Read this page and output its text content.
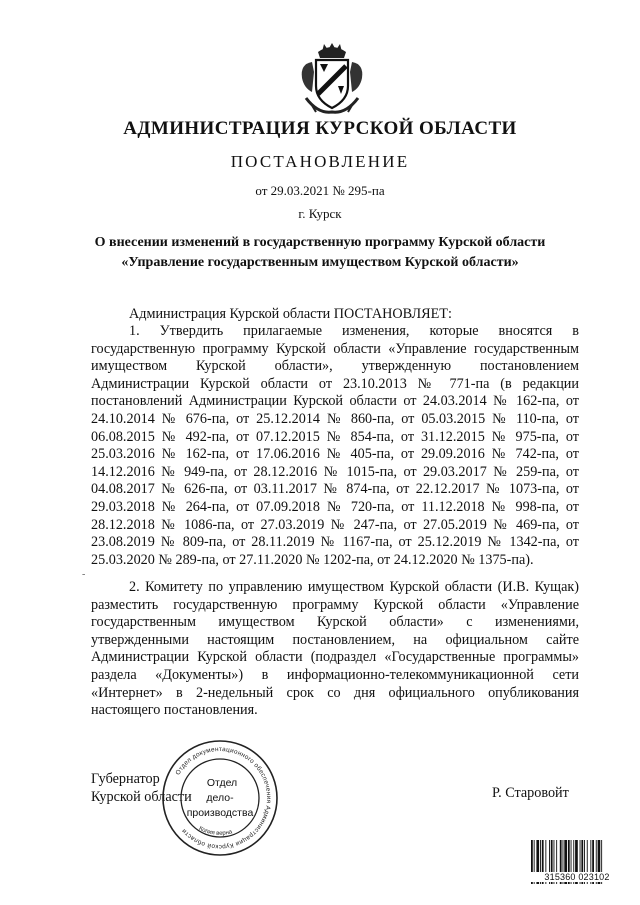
АДМИНИСТРАЦИЯ КУРСКОЙ ОБЛАСТИ
ПОСТАНОВЛЕНИЕ
от 29.03.2021 № 295-па
г. Курск
О внесении изменений в государственную программу Курской области
«Управление государственным имуществом Курской области»
Администрация Курской области ПОСТАНОВЛЯЕТ:

1. Утвердить прилагаемые изменения, которые вносятся в государственную программу Курской области «Управление государственным имуществом Курской области», утвержденную постановлением Администрации Курской области от 23.10.2013 № 771-па (в редакции постановлений Администрации Курской области от 24.03.2014 № 162-па, от 24.10.2014 № 676-па, от 25.12.2014 № 860-па, от 05.03.2015 № 110-па, от 06.08.2015 № 492-па, от 07.12.2015 № 854-па, от 31.12.2015 № 975-па, от 25.03.2016 № 162-па, от 17.06.2016 № 405-па, от 29.09.2016 № 742-па, от 14.12.2016 № 949-па, от 28.12.2016 № 1015-па, от 29.03.2017 № 259-па, от 04.08.2017 № 626-па, от 03.11.2017 № 874-па, от 22.12.2017 № 1073-па, от 29.03.2018 № 264-па, от 07.09.2018 № 720-па, от 11.12.2018 № 998-па, от 28.12.2018 № 1086-па, от 27.03.2019 № 247-па, от 27.05.2019 № 469-па, от 23.08.2019 № 809-па, от 28.11.2019 № 1167-па, от 25.12.2019 № 1342-па, от 25.03.2020 № 289-па, от 27.11.2020 № 1202-па, от 24.12.2020 № 1375-па).

-

2. Комитету по управлению имуществом Курской области (И.В. Кущак) разместить государственную программу Курской области «Управление государственным имуществом Курской области» с изменениями, утвержденными настоящим постановлением, на официальном сайте Администрации Курской области (подраздел «Государственные программы» раздела «Документы») в информационно-телекоммуникационной сети «Интернет» в 2-недельный срок со дня официального опубликования настоящего постановления.

Губернатор
Курской области
Отдел документационного обеспечения Администрации Курской области	Копия верна
Отдел
дело-
производства
Р. Старовойт
315360 023102
